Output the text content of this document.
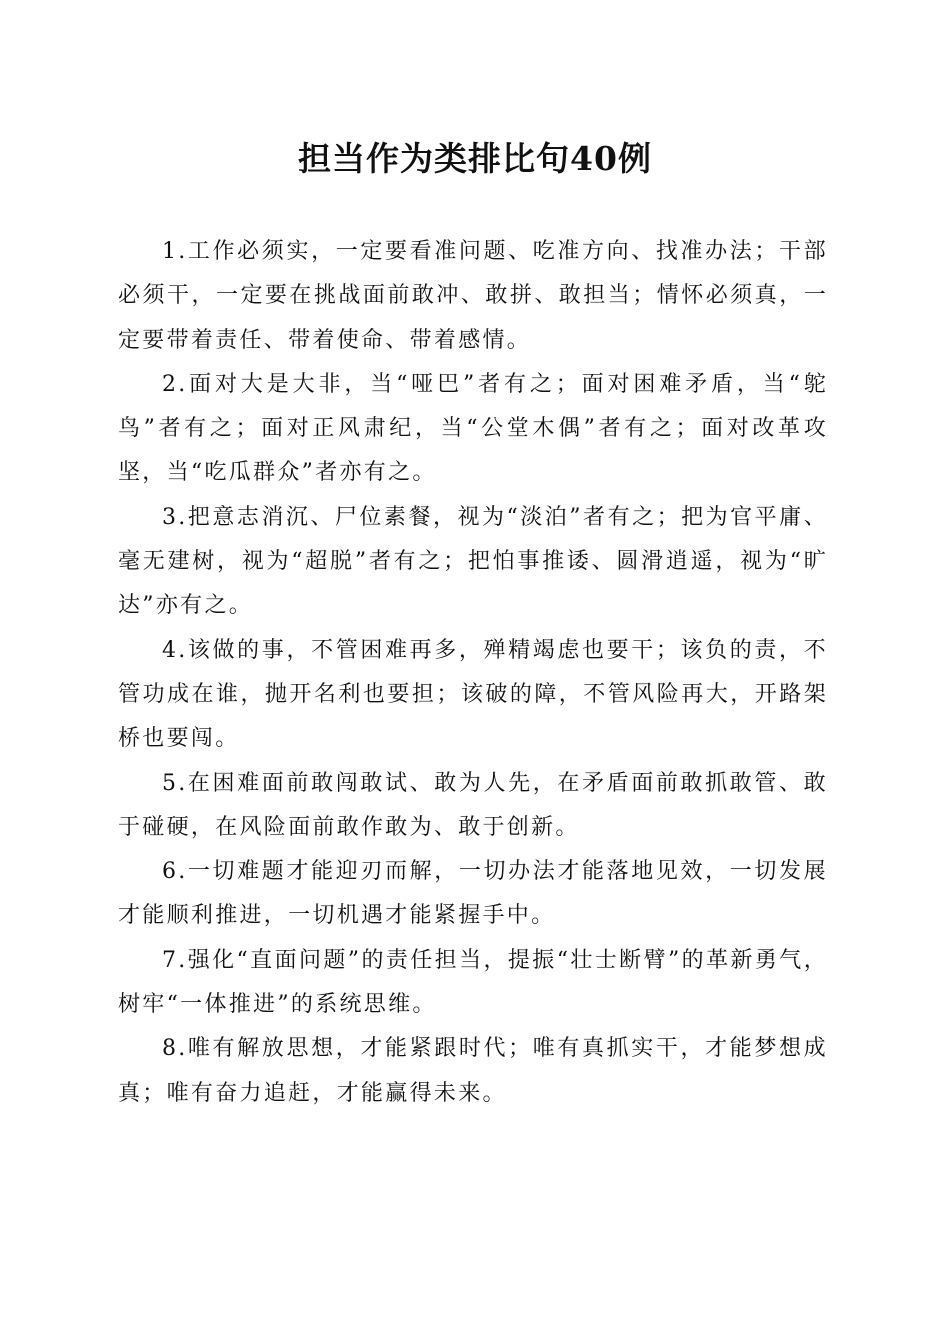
担当作为类排比句40例

1.工作必须实，一定要看准问题、吃准方向、找准办法；干部必须干，一定要在挑战面前敢冲、敢拼、敢担当；情怀必须真，一定要带着责任、带着使命、带着感情。

2.面对大是大非，当“哑巴”者有之；面对困难矛盾，当“鸵鸟”者有之；面对正风肃纪，当“公堂木偶”者有之；面对改革攻坚，当“吃瓜群众”者亦有之。

3.把意志消沉、尸位素餐，视为“淡泊”者有之；把为官平庸、毫无建树，视为“超脱”者有之；把怕事推诿、圆滑逍遥，视为“旷达”亦有之。

4.该做的事，不管困难再多，殚精竭虑也要干；该负的责，不管功成在谁，抛开名利也要担；该破的障，不管风险再大，开路架桥也要闯。

5.在困难面前敢闯敢试、敢为人先，在矛盾面前敢抓敢管、敢于碰硬，在风险面前敢作敢为、敢于创新。

6.一切难题才能迎刃而解，一切办法才能落地见效，一切发展才能顺利推进，一切机遇才能紧握手中。

7.强化“直面问题”的责任担当，提振“壮士断臂”的革新勇气，树牢“一体推进”的系统思维。

8.唯有解放思想，才能紧跟时代；唯有真抓实干，才能梦想成真；唯有奋力追赶，才能赢得未来。
